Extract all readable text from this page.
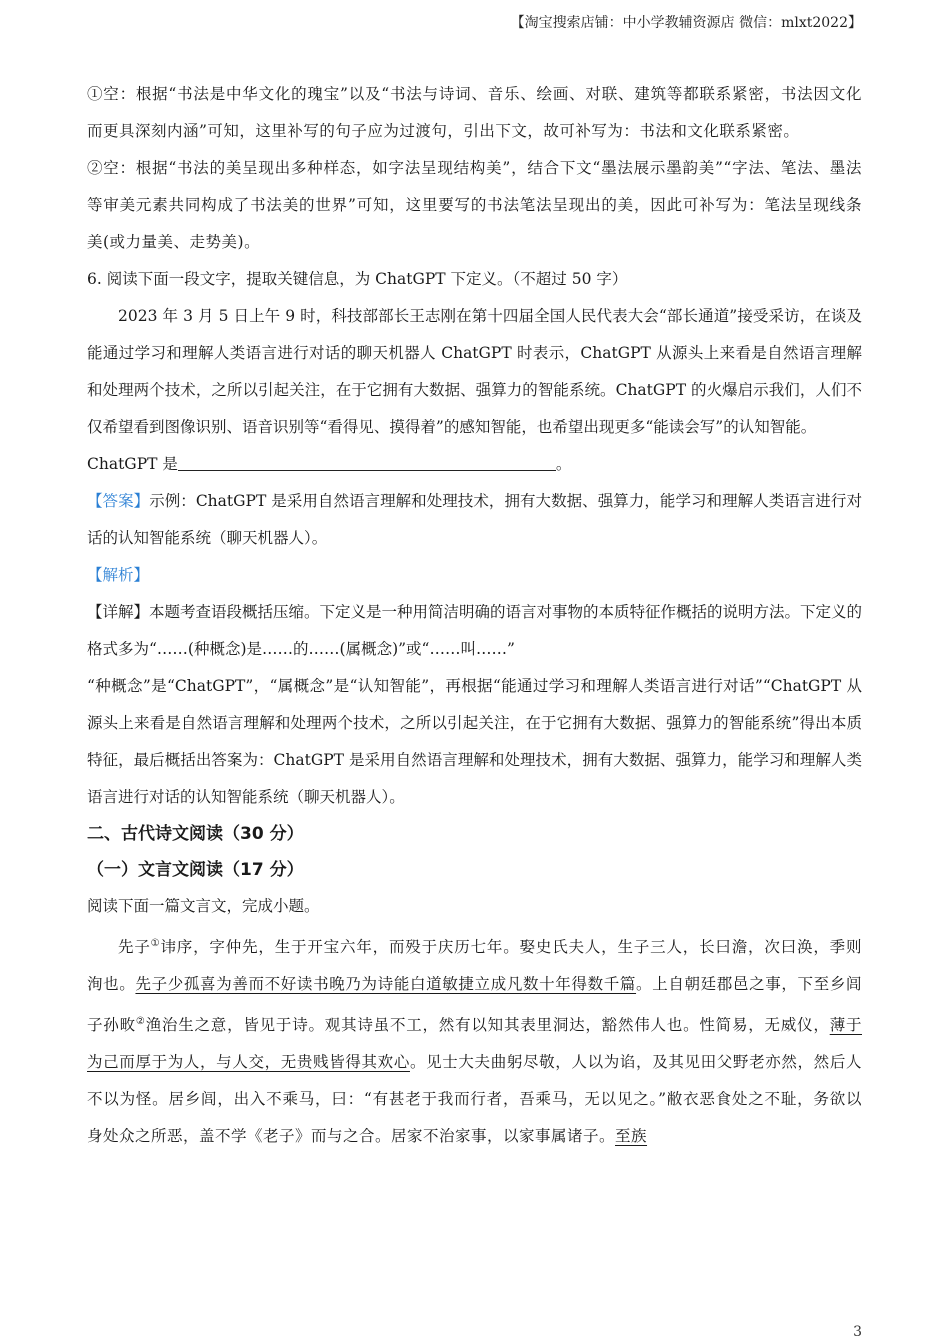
【淘宝搜索店铺：中小学教辅资源店 微信：mlxt2022】

①空：根据“书法是中华文化的瑰宝”以及“书法与诗词、音乐、绘画、对联、建筑等都联系紧密，书法因文化而更具深刻内涵”可知，这里补写的句子应为过渡句，引出下文，故可补写为：书法和文化联系紧密。

②空：根据“书法的美呈现出多种样态，如字法呈现结构美”，结合下文“墨法展示墨韵美”“字法、笔法、墨法等审美元素共同构成了书法美的世界”可知，这里要写的书法笔法呈现出的美，因此可补写为：笔法呈现线条美(或力量美、走势美)。

6. 阅读下面一段文字，提取关键信息，为 ChatGPT 下定义。（不超过 50 字）

2023 年 3 月 5 日上午 9 时，科技部部长王志刚在第十四届全国人民代表大会“部长通道”接受采访，在谈及能通过学习和理解人类语言进行对话的聊天机器人 ChatGPT 时表示，ChatGPT 从源头上来看是自然语言理解和处理两个技术，之所以引起关注，在于它拥有大数据、强算力的智能系统。ChatGPT 的火爆启示我们，人们不仅希望看到图像识别、语音识别等“看得见、摸得着”的感知智能，也希望出现更多“能读会写”的认知智能。

ChatGPT 是	。

【答案】示例：ChatGPT 是采用自然语言理解和处理技术，拥有大数据、强算力，能学习和理解人类语言进行对话的认知智能系统（聊天机器人）。

【解析】

【详解】本题考查语段概括压缩。下定义是一种用简洁明确的语言对事物的本质特征作概括的说明方法。下定义的格式多为“……(种概念)是……的……(属概念)”或“……叫……”

“种概念”是“ChatGPT”，“属概念”是“认知智能”，再根据“能通过学习和理解人类语言进行对话”“ChatGPT 从源头上来看是自然语言理解和处理两个技术，之所以引起关注，在于它拥有大数据、强算力的智能系统”得出本质特征，最后概括出答案为：ChatGPT 是采用自然语言理解和处理技术，拥有大数据、强算力，能学习和理解人类语言进行对话的认知智能系统（聊天机器人）。

二、古代诗文阅读（30 分）

（一）文言文阅读（17 分）

阅读下面一篇文言文，完成小题。

先子①讳序，字仲先，生于开宝六年，而殁于庆历七年。娶史氏夫人，生子三人，长曰澹，次曰涣，季则洵也。先子少孤喜为善而不好读书晚乃为诗能白道敏捷立成凡数十年得数千篇。上自朝廷郡邑之事，下至乡闾子孙畋②渔治生之意，皆见于诗。观其诗虽不工，然有以知其表里洞达，豁然伟人也。性简易，无威仪，薄于为己而厚于为人，与人交，无贵贱皆得其欢心。见士大夫曲躬尽敬，人以为谄，及其见田父野老亦然，然后人不以为怪。居乡闾，出入不乘马，曰：“有甚老于我而行者，吾乘马，无以见之。”敝衣恶食处之不耻，务欲以身处众之所恶，盖不学《老子》而与之合。居家不治家事，以家事属诸子。至族

3
